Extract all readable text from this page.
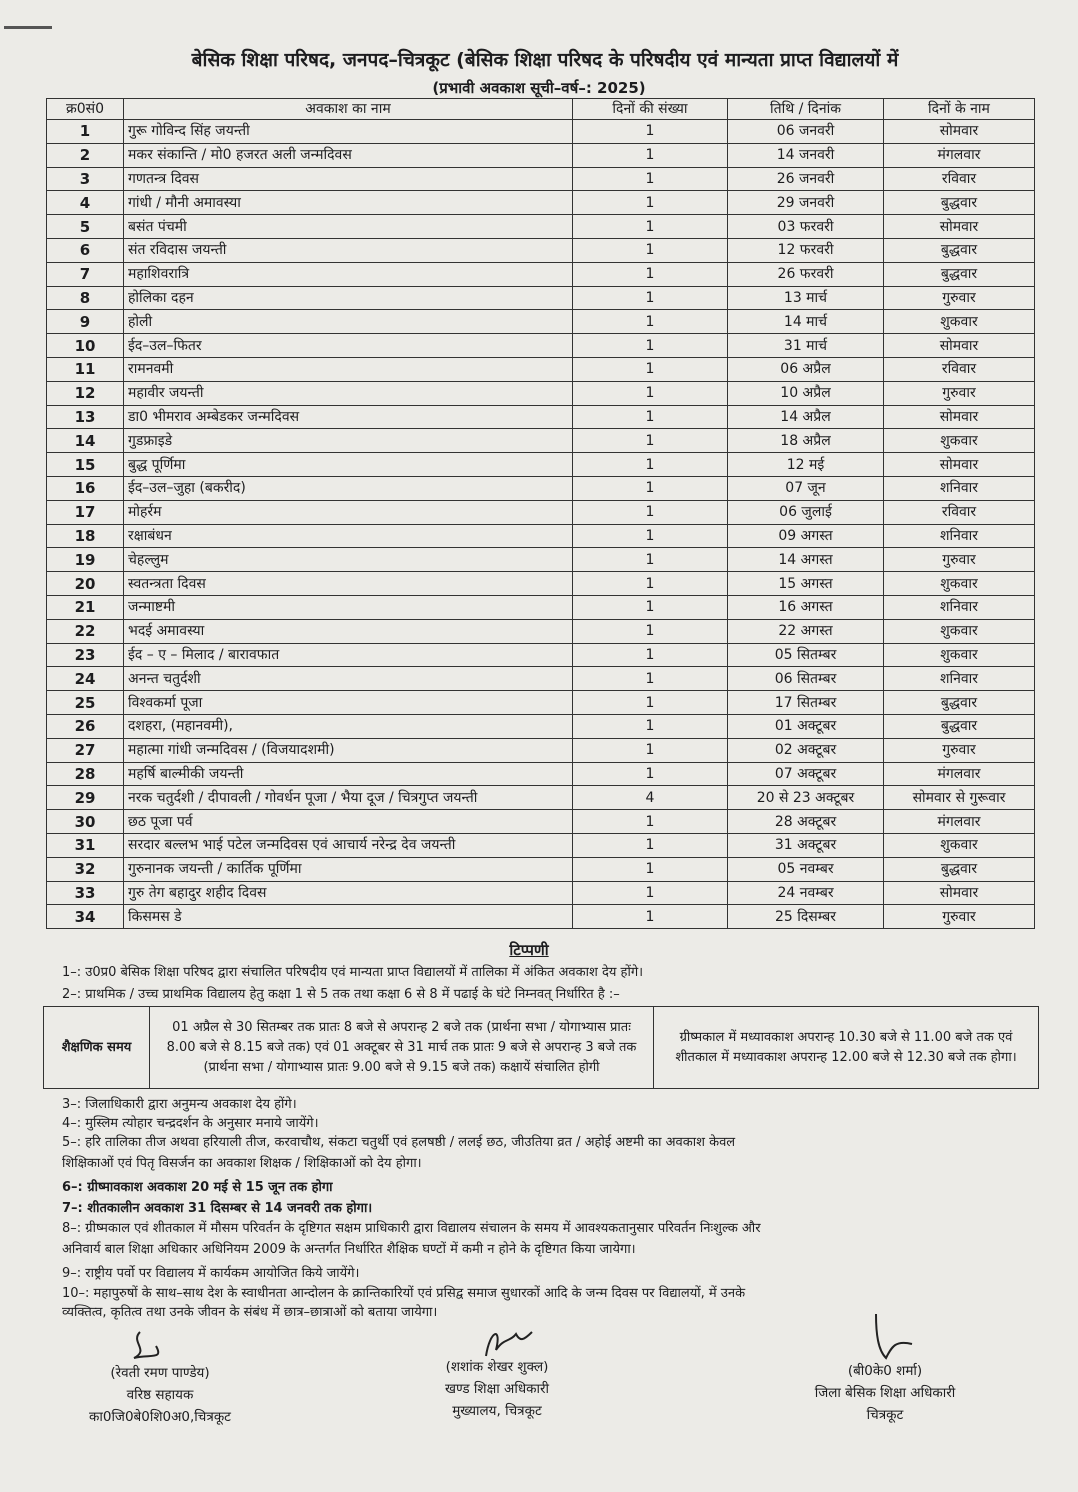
बेसिक शिक्षा परिषद, जनपद–चित्रकूट (बेसिक शिक्षा परिषद के परिषदीय एवं मान्यता प्राप्त विद्यालयों में
(प्रभावी अवकाश सूची–वर्ष–: 2025)
क्र0सं0	अवकाश का नाम	दिनों की संख्या	तिथि / दिनांक	दिनों के नाम
1	गुरू गोविन्द सिंह जयन्ती	1	06 जनवरी	सोमवार
2	मकर संकान्ति / मो0 हजरत अली जन्मदिवस	1	14 जनवरी	मंगलवार
3	गणतन्त्र दिवस	1	26 जनवरी	रविवार
4	गांधी / मौनी अमावस्या	1	29 जनवरी	बुद्धवार
5	बसंत पंचमी	1	03 फरवरी	सोमवार
6	संत रविदास जयन्ती	1	12 फरवरी	बुद्धवार
7	महाशिवरात्रि	1	26 फरवरी	बुद्धवार
8	होलिका दहन	1	13 मार्च	गुरुवार
9	होली	1	14 मार्च	शुकवार
10	ईद–उल–फितर	1	31 मार्च	सोमवार
11	रामनवमी	1	06 अप्रैल	रविवार
12	महावीर जयन्ती	1	10 अप्रैल	गुरुवार
13	डा0 भीमराव अम्बेडकर जन्मदिवस	1	14 अप्रैल	सोमवार
14	गुडफ्राइडे	1	18 अप्रैल	शुकवार
15	बुद्ध पूर्णिमा	1	12 मई	सोमवार
16	ईद–उल–जुहा (बकरीद)	1	07 जून	शनिवार
17	मोहर्रम	1	06 जुलाई	रविवार
18	रक्षाबंधन	1	09 अगस्त	शनिवार
19	चेहल्लुम	1	14 अगस्त	गुरुवार
20	स्वतन्त्रता दिवस	1	15 अगस्त	शुकवार
21	जन्माष्टमी	1	16 अगस्त	शनिवार
22	भदई अमावस्या	1	22 अगस्त	शुकवार
23	ईद – ए – मिलाद / बारावफात	1	05 सितम्बर	शुकवार
24	अनन्त चतुर्दशी	1	06 सितम्बर	शनिवार
25	विश्वकर्मा पूजा	1	17 सितम्बर	बुद्धवार
26	दशहरा, (महानवमी),	1	01 अक्टूबर	बुद्धवार
27	महात्मा गांधी जन्मदिवस / (विजयादशमी)	1	02 अक्टूबर	गुरुवार
28	महर्षि बाल्मीकी जयन्ती	1	07 अक्टूबर	मंगलवार
29	नरक चतुर्दशी / दीपावली / गोवर्धन पूजा / भैया दूज / चित्रगुप्त जयन्ती	4	20 से 23 अक्टूबर	सोमवार से गुरूवार
30	छठ पूजा पर्व	1	28 अक्टूबर	मंगलवार
31	सरदार बल्लभ भाई पटेल जन्मदिवस एवं आचार्य नरेन्द्र देव जयन्ती	1	31 अक्टूबर	शुकवार
32	गुरुनानक जयन्ती / कार्तिक पूर्णिमा	1	05 नवम्बर	बुद्धवार
33	गुरु तेग बहादुर शहीद दिवस	1	24 नवम्बर	सोमवार
34	किसमस डे	1	25 दिसम्बर	गुरुवार
टिप्पणी
1–: उ0प्र0 बेसिक शिक्षा परिषद द्वारा संचालित परिषदीय एवं मान्यता प्राप्त विद्यालयों में तालिका में अंकित अवकाश देय होंगे।
2–: प्राथमिक / उच्च प्राथमिक विद्यालय हेतु कक्षा 1 से 5 तक तथा कक्षा 6 से 8 में पढाई के घंटे निम्नवत् निर्धारित है :–
शैक्षणिक समय	01 अप्रैल से 30 सितम्बर तक प्रातः 8 बजे से अपरान्ह 2 बजे तक (प्रार्थना सभा / योगाभ्यास प्रातः 8.00 बजे से 8.15 बजे तक) एवं 01 अक्टूबर से 31 मार्च तक प्रातः 9 बजे से अपरान्ह 3 बजे तक (प्रार्थना सभा / योगाभ्यास प्रातः 9.00 बजे से 9.15 बजे तक) कक्षायें संचालित होगी	ग्रीष्मकाल में मध्यावकाश अपरान्ह 10.30 बजे से 11.00 बजे तक एवं शीतकाल में मध्यावकाश अपरान्ह 12.00 बजे से 12.30 बजे तक होगा।
3–: जिलाधिकारी द्वारा अनुमन्य अवकाश देय होंगे।
4–: मुस्लिम त्योहार चन्द्रदर्शन के अनुसार मनाये जायेंगे।
5–: हरि तालिका तीज अथवा हरियाली तीज, करवाचौथ, संकटा चतुर्थी एवं हलषष्ठी / ललई छठ, जीउतिया व्रत / अहोई अष्टमी का अवकाश केवल
शिक्षिकाओं एवं पितृ विसर्जन का अवकाश शिक्षक / शिक्षिकाओं को देय होगा।
6–: ग्रीष्मावकाश अवकाश 20 मई से 15 जून तक होगा
7–: शीतकालीन अवकाश 31 दिसम्बर से 14 जनवरी तक होगा।
8–: ग्रीष्मकाल एवं शीतकाल में मौसम परिवर्तन के दृष्टिगत सक्षम प्राधिकारी द्वारा विद्यालय संचालन के समय में आवश्यकतानुसार परिवर्तन निःशुल्क और
अनिवार्य बाल शिक्षा अधिकार अधिनियम 2009 के अन्तर्गत निर्धारित शैक्षिक घण्टों में कमी न होने के दृष्टिगत किया जायेगा।
9–: राष्ट्रीय पर्वो पर विद्यालय में कार्यकम आयोजित किये जायेंगे।
10–: महापुरुषों के साथ–साथ देश के स्वाधीनता आन्दोलन के क्रान्तिकारियों एवं प्रसिद्व समाज सुधारकों आदि के जन्म दिवस पर विद्यालयों, में उनके
व्यक्तित्व, कृतित्व तथा उनके जीवन के संबंध में छात्र–छात्राओं को बताया जायेगा।
(रेवती रमण पाण्डेय)
वरिष्ठ सहायक
का0जि0बे0शि0अ0,चित्रकूट
(शशांक शेखर शुक्ल)
खण्ड शिक्षा अधिकारी
मुख्यालय, चित्रकूट
(बी0के0 शर्मा)
जिला बेसिक शिक्षा अधिकारी
चित्रकूट
